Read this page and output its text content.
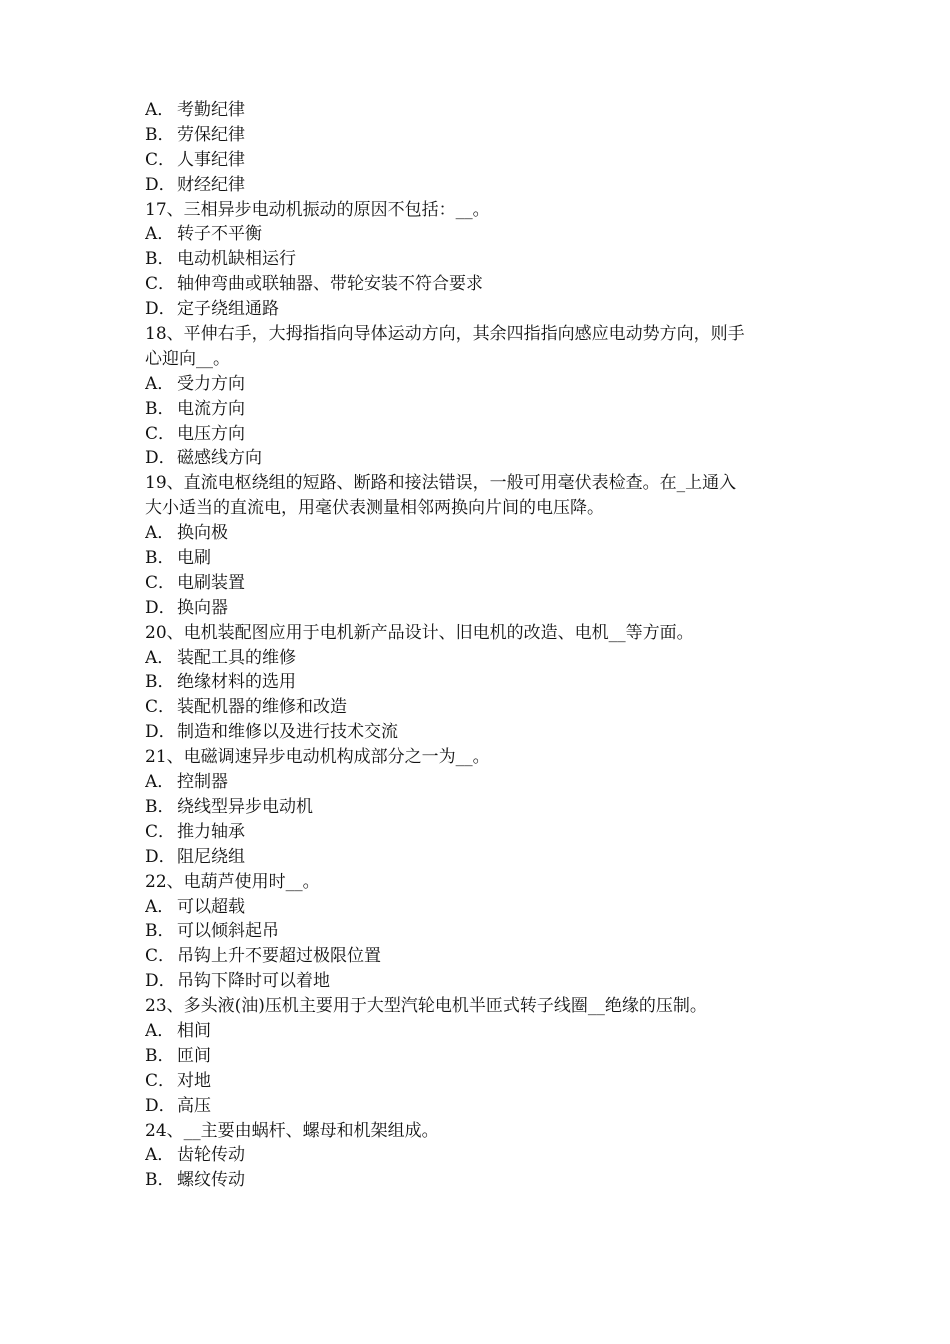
A． 考勤纪律
B． 劳保纪律
C． 人事纪律
D．财经纪律
17、三相异步电动机振动的原因不包括：__。
A． 转子不平衡
B． 电动机缺相运行
C． 轴伸弯曲或联轴器、带轮安装不符合要求
D．定子绕组通路
18、平伸右手，大拇指指向导体运动方向，其余四指指向感应电动势方向，则手
心迎向__。
A． 受力方向
B． 电流方向
C． 电压方向
D．磁感线方向
19、直流电枢绕组的短路、断路和接法错误，一般可用毫伏表检查。在_上通入
大小适当的直流电，用毫伏表测量相邻两换向片间的电压降。
A． 换向极
B． 电刷
C． 电刷装置
D．换向器
20、电机装配图应用于电机新产品设计、旧电机的改造、电机__等方面。
A． 装配工具的维修
B． 绝缘材料的选用
C． 装配机器的维修和改造
D．制造和维修以及进行技术交流
21、电磁调速异步电动机构成部分之一为__。
A． 控制器
B． 绕线型异步电动机
C． 推力轴承
D．阻尼绕组
22、电葫芦使用时__。
A． 可以超载
B． 可以倾斜起吊
C． 吊钩上升不要超过极限位置
D．吊钩下降时可以着地
23、多头液(油)压机主要用于大型汽轮电机半匝式转子线圈__绝缘的压制。
A． 相间
B． 匝间
C． 对地
D．高压
24、__主要由蜗杆、螺母和机架组成。
A． 齿轮传动
B． 螺纹传动
